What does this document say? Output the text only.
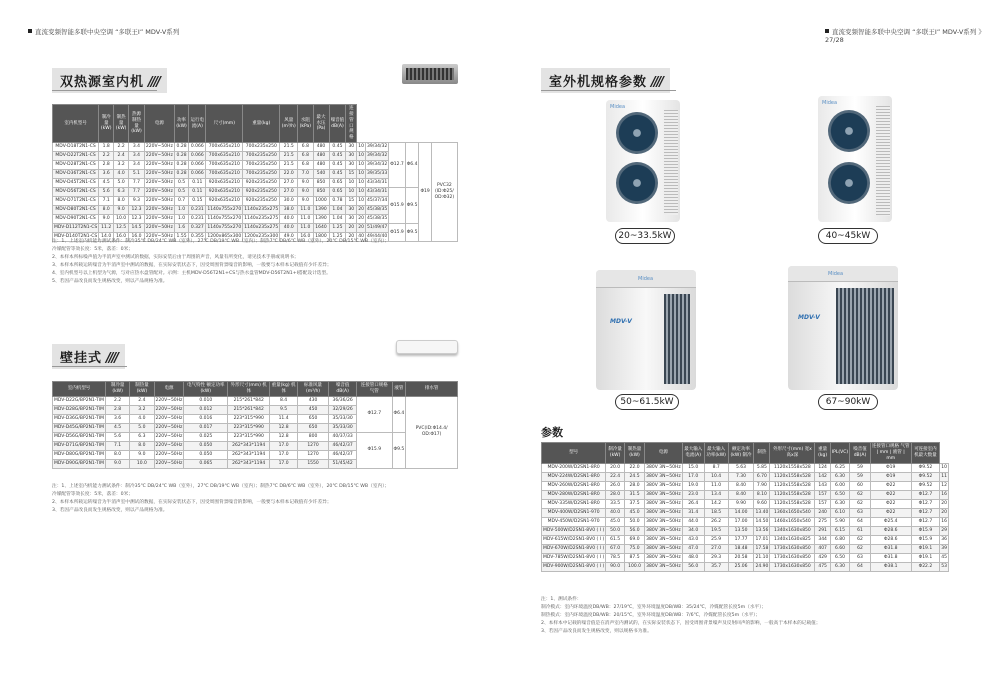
直流变频智能多联中央空调 “多联王Ⅰ” MDV-V系列	直流变频智能多联中央空调 “多联王Ⅰ” MDV-V系列 》27/28
双热源室内机 ////
室内机型号	制冷量(kW)	制热量(kW)	热源制热量(kW)	电源	功率(kW)	运行电流(A)	尺寸(mm)	重量(kg)	风量(m³/h)	水阻(kPa)	最大水压(Pa)	噪音值dB(A)	连接管口规格						
MDV-D18T2N1-CS	1.8	2.2	3.4	220V~50Hz	0.28	0.066	700x635x210	700x235x250	21.5	6.8	480	0.45	30	10	39/34/32	Φ12.7	Φ6.4	Φ19	PVC32 (ID:Φ25/ OD:Φ32)
MDV-D22T2N1-CS	2.2	2.4	3.4	220V~50Hz	0.28	0.066	700x635x210	700x235x250	21.5	6.8	480	0.45	30	10	39/34/32				
MDV-D28T2N1-CS	2.8	3.2	3.4	220V~50Hz	0.28	0.066	700x635x210	700x235x250	21.5	6.8	480	0.45	30	10	39/34/32				
MDV-D36T2N1-CS	3.6	4.0	5.1	220V~50Hz	0.28	0.066	700x635x210	700x235x250	22.0	7.0	540	0.45	15	10	39/35/33				
MDV-D45T2N1-CS	4.5	5.0	7.7	220V~50Hz	0.5	0.11	920x635x210	920x235x250	27.0	9.0	850	0.65	10	10	43/34/31				
MDV-D56T2N1-CS	5.6	6.3	7.7	220V~50Hz	0.5	0.11	920x635x210	920x235x250	27.0	9.0	850	0.65	10	10	43/34/31	Φ15.9	Φ9.5		
MDV-D71T2N1-CS	7.1	8.0	9.3	220V~50Hz	0.7	0.15	920x635x210	920x235x250	30.0	9.0	1000	0.78	15	10	45/37/34				
MDV-D80T2N1-CS	8.0	9.0	12.3	220V~50Hz	1.0	0.231	1140x755x270	1140x235x275	38.0	11.0	1390	1.04	30	20	45/38/35				
MDV-D90T2N1-CS	9.0	10.0	12.3	220V~50Hz	1.0	0.231	1140x755x270	1140x235x275	40.0	11.0	1390	1.04	30	20	45/38/35				
MDV-D112T2N1-CS	11.2	12.5	14.5	220V~50Hz	1.6	0.327	1140x755x270	1140x235x275	40.0	11.0	1640	1.25	20	20	51/49/47	Φ15.9	Φ9.5		
MDV-D140T2N1-CS	14.0	16.0	16.0	220V~50Hz	1.55	0.355	1200x865x300	1200x235x300	49.0	16.0	1800	1.25	20	40	49/44/40				
注：1、上述室内机能力测试条件：制冷35℃ DB/24℃ WB（室外），27℃ DB/19℃ WB（室内）；制热7℃ DB/6℃ WB（室外），20℃ DB/15℃ WB（室内）；
冷媒配管等效长度：5米，落差：0米；
2、本样本所标噪声值为半消声室中测试的数据，实际安装后由于周围的声音，风量有所变化，请见技术手册或说明书；
3、本样本所载运转噪音为半消声室中测试的数据，在实际安装状态下，因受周围背景噪音的影响，一般要与本样本记载值有少许差异；
4、室内机型号以上机型为气源，与对应热水盘管配对。示例：主机MDV-D56T2N1+CS与热水盘管MDV-D56T2N1+I搭配设计选型。
5、若因产品改良而发生规格改变，则以产品规格为准。
壁挂式 ////
室内机型号	制冷量(kW)	制热量(kW)	电源	电气特性 额定功率(kW)	外形尺寸(mm) 机体	重量(kg) 机体	标准风量(m³/h)	噪音值dB(A)	连接管口规格 气管	液管	排水管
MDV-D22G/BP2N1-TIM	2.2	2.4	220V~50Hz	0.010	215*261*842	8.4	430	36/36/26	Φ12.7	Φ6.4	PVC(ID:Φ14.4/ OD:Φ17)
MDV-D28G/BP2N1-TIM	2.8	3.2	220V~50Hz	0.012	215*261*842	9.5	450	32/29/26			
MDV-D36G/BP2N1-TIM	3.6	4.0	220V~50Hz	0.016	223*315*990	11.4	650	35/33/30			
MDV-D45G/BP2N1-TIM	4.5	5.0	220V~50Hz	0.017	223*315*990	12.8	650	35/33/30			
MDV-D56G/BP2N1-TIM	5.6	6.3	220V~50Hz	0.025	223*315*990	12.8	800	40/37/33	Φ15.9	Φ9.5	
MDV-D71G/BP2N1-TIM	7.1	8.0	220V~50Hz	0.050	262*343*1194	17.0	1270	46/42/37			
MDV-D80G/BP2N1-TIM	8.0	9.0	220V~50Hz	0.050	262*343*1194	17.0	1270	46/42/37			
MDV-D90G/BP2N1-TIM	9.0	10.0	220V~50Hz	0.065	262*343*1194	17.0	1550	51/45/42			
注：1、上述室内机能力测试条件：制冷35℃ DB/24℃ WB（室外），27℃ DB/19℃ WB（室内）；制热7℃ DB/6℃ WB（室外），20℃ DB/15℃ WB（室内）；
冷媒配管等效长度：5米，落差：0米；
2、本样本所载运转噪音为半消声室中测试的数据，在实际安装状态下，因受周围背景噪音的影响，一般要与本样本记载值有少许差异；
3、若因产品改良而发生规格改变，则以产品规格为准。
室外机规格参数 ////
Midea
Midea
20~33.5kW	40~45kW
Midea
MDV-V
Midea
MDV-V
50~61.5kW	67~90kW
参数
型号	制冷量(kW)	制热量(kW)	电源	最大输入电流(A)	最大输入功率(kW)	额定功率(kW) 制冷	制热	外形尺寸(mm) 宽x高x深	重量(kg)	IPL(VC)	噪音值dB(A)	连接管口规格 气管 | mm | 液管 | mm	可连接室内机最大数量	
MDV-200W/D2SN1-8R0	20.0	22.0	380V 3N~50Hz	15.0	8.7	5.63	5.85	1120x1558x528	124	6.25	59	Φ19	Φ9.52	10
MDV-224W/D2SN1-8R0	22.4	24.5	380V 3N~50Hz	17.0	10.4	7.30	6.70	1120x1558x528	142	6.30	59	Φ19	Φ9.52	11
MDV-260W/D2SN1-8R0	26.0	28.0	380V 3N~50Hz	19.0	11.0	8.40	7.90	1120x1558x528	143	6.00	60	Φ22	Φ9.52	12
MDV-280W/D2SN1-8R0	28.0	31.5	380V 3N~50Hz	23.0	13.4	8.40	8.10	1120x1558x528	157	6.50	62	Φ22	Φ12.7	16
MDV-335W/D2SN1-8R0	33.5	37.5	380V 3N~50Hz	26.4	14.2	9.90	9.60	1120x1558x528	157	6.30	62	Φ22	Φ12.7	20
MDV-400W/D2SN1-970	40.0	45.0	380V 3N~50Hz	31.4	18.5	14.00	13.40	1360x1650x540	240	6.10	63	Φ22	Φ12.7	20
MDV-450W/D2SN1-970	45.0	50.0	380V 3N~50Hz	44.0	26.2	17.00	14.50	1460x1650x540	275	5.90	64	Φ25.4	Φ12.7	16
MDV-500W/D2SN1-8V0 ( I )	50.0	56.0	380V 3N~50Hz	34.0	19.5	13.50	13.56	1340x1630x850	291	6.15	61	Φ28.6	Φ15.9	29
MDV-615W/D2SN1-8V0 ( I )	61.5	69.0	380V 3N~50Hz	43.0	25.9	17.77	17.01	1340x1630x825	344	6.80	62	Φ28.6	Φ15.9	36
MDV-670W/D2SN1-8V0 ( I )	67.0	75.0	380V 3N~50Hz	47.0	27.0	18.48	17.58	1730x1630x850	407	6.60	62	Φ31.8	Φ19.1	39
MDV-785W/D2SN1-8V0 ( I )	78.5	87.5	380V 3N~50Hz	48.0	29.3	20.58	21.10	1730x1630x850	429	6.50	63	Φ31.8	Φ19.1	45
MDV-900W/D2SN1-8V0 ( I )	90.0	100.0	380V 3N~50Hz	56.0	35.7	25.06	24.90	1730x1630x850	475	6.30	64	Φ38.1	Φ22.2	53
注：1、测试条件：
制冷模式：室内环境温度DB/WB：27/19℃，室外环境温度DB/WB：35/24℃，冷媒配管长度5m（水平）；
制热模式：室内环境温度DB/WB：20/15℃，室外环境温度DB/WB：7/6℃，冷媒配管长度5m（水平）；
2、本样本中记载的噪音值是在消声室内测试的，在实际安装状态下，因受周围背景噪声及反射回声的影响，一般高于本样本的记载值；
3、若因产品改良而发生规格改变，则以规格书为准。
